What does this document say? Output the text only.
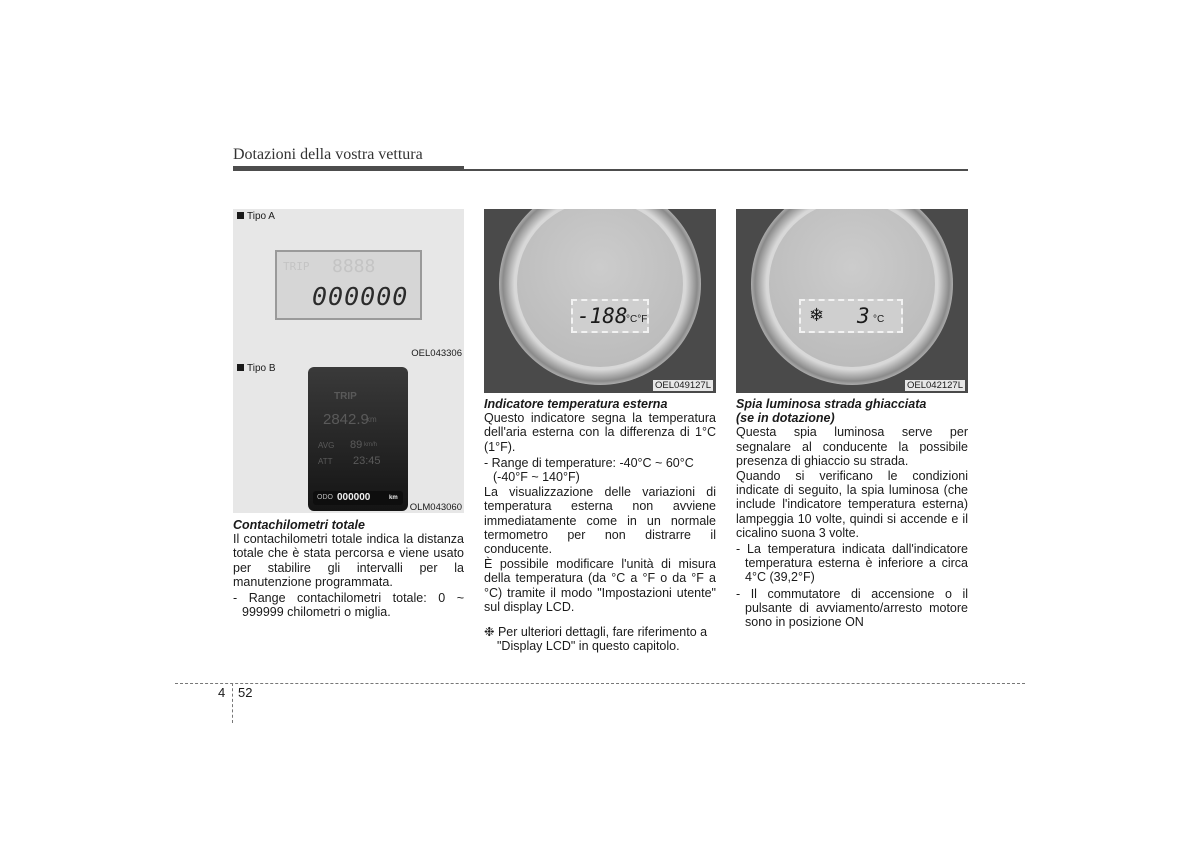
Dotazioni della vostra vettura
Tipo A
TRIP 8888
000000
OEL043306
Tipo B
TRIP
2842.9
km
AVG 89 km/h
ATT 23:45
ODO 000000	km
OLM043060
-188
°C°F
OEL049127L
❄ 3 °C
OEL042127L

Contachilometri totale

Il contachilometri totale indica la distanza totale che è stata percorsa e viene usato per stabilire gli intervalli per la manutenzione programmata.

- Range contachilometri totale: 0 ~ 999999 chilometri o miglia.

Indicatore temperatura esterna

Questo indicatore segna la temperatura dell'aria esterna con la differenza di 1°C (1°F).

- Range di temperature: -40°C ~ 60°C (-40°F ~ 140°F)

La visualizzazione delle variazioni di temperatura esterna non avviene immediatamente come in un normale termometro per non distrarre il conducente.

È possibile modificare l'unità di misura della temperatura (da °C a °F o da °F a °C) tramite il modo "Impostazioni utente" sul display LCD.

❉ Per ulteriori dettagli, fare riferimento a "Display LCD" in questo capitolo.

Spia luminosa strada ghiacciata

(se in dotazione)

Questa spia luminosa serve per segnalare al conducente la possibile presenza di ghiaccio su strada.

Quando si verificano le condizioni indicate di seguito, la spia luminosa (che include l'indicatore temperatura esterna) lampeggia 10 volte, quindi si accende e il cicalino suona 3 volte.

- La temperatura indicata dall'indicatore temperatura esterna è inferiore a circa 4°C (39,2°F)

- Il commutatore di accensione o il pulsante di avviamento/arresto motore sono in posizione ON

4 52
